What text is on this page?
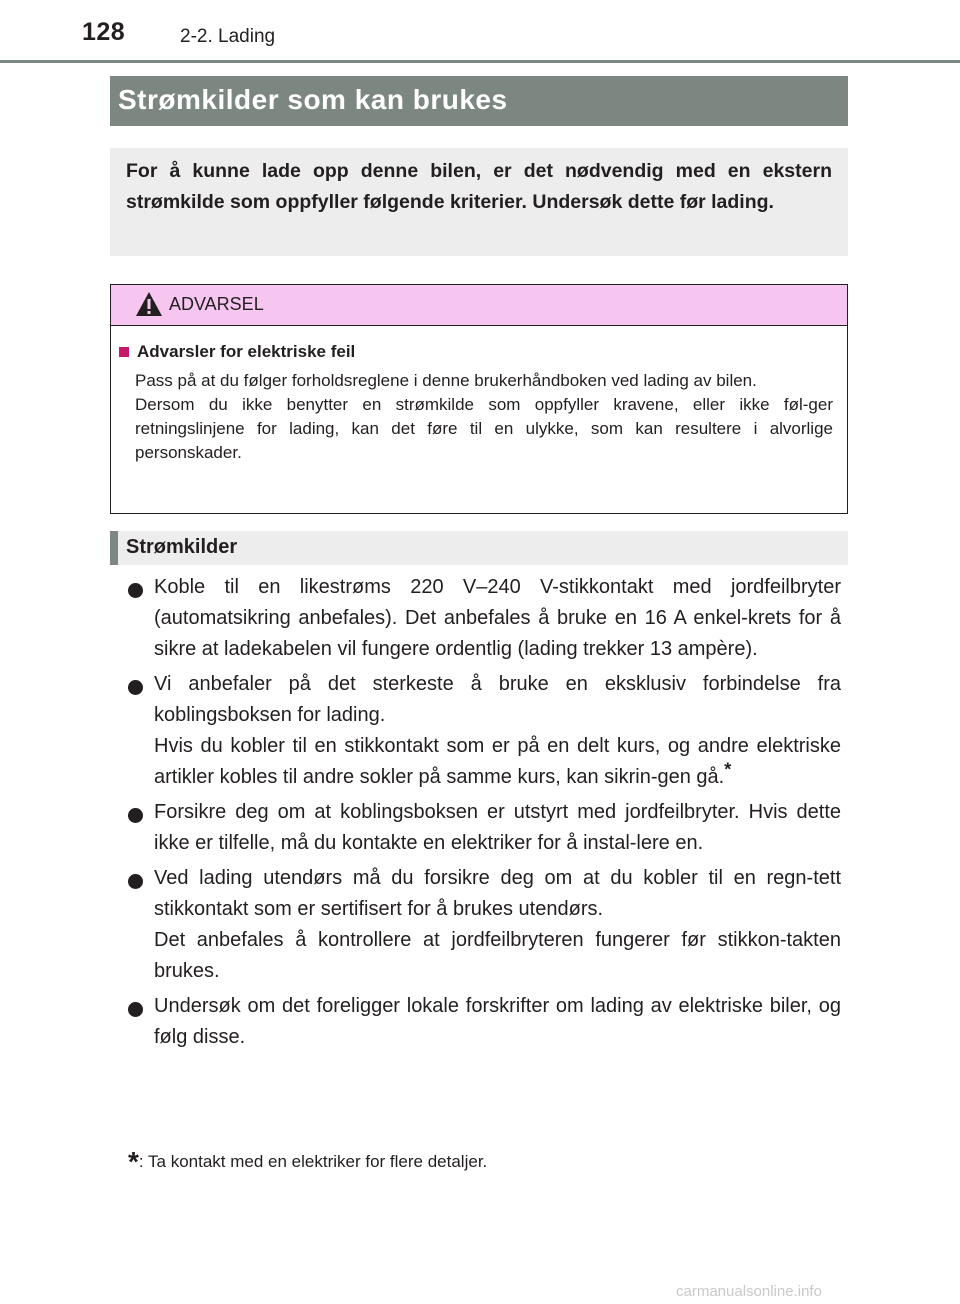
128	2-2. Lading
Strømkilder som kan brukes
For å kunne lade opp denne bilen, er det nødvendig med en ekstern strømkilde som oppfyller følgende kriterier. Undersøk dette før lading.
ADVARSEL
Advarsler for elektriske feil

Pass på at du følger forholdsreglene i denne brukerhåndboken ved lading av bilen.

Dersom du ikke benytter en strømkilde som oppfyller kravene, eller ikke føl-ger retningslinjene for lading, kan det føre til en ulykke, som kan resultere i alvorlige personskader.

Strømkilder

Koble til en likestrøms 220 V–240 V-stikkontakt med jordfeilbryter (automatsikring anbefales). Det anbefales å bruke en 16 A enkel-krets for å sikre at ladekabelen vil fungere ordentlig (lading trekker 13 ampère).

Vi anbefaler på det sterkeste å bruke en eksklusiv forbindelse fra koblingsboksen for lading.

Hvis du kobler til en stikkontakt som er på en delt kurs, og andre elektriske artikler kobles til andre sokler på samme kurs, kan sikrin-gen gå.*

Forsikre deg om at koblingsboksen er utstyrt med jordfeilbryter. Hvis dette ikke er tilfelle, må du kontakte en elektriker for å instal-lere en.

Ved lading utendørs må du forsikre deg om at du kobler til en regn-tett stikkontakt som er sertifisert for å brukes utendørs.

Det anbefales å kontrollere at jordfeilbryteren fungerer før stikkon-takten brukes.

Undersøk om det foreligger lokale forskrifter om lading av elektriske biler, og følg disse.

*: Ta kontakt med en elektriker for flere detaljer.
carmanualsonline.info
